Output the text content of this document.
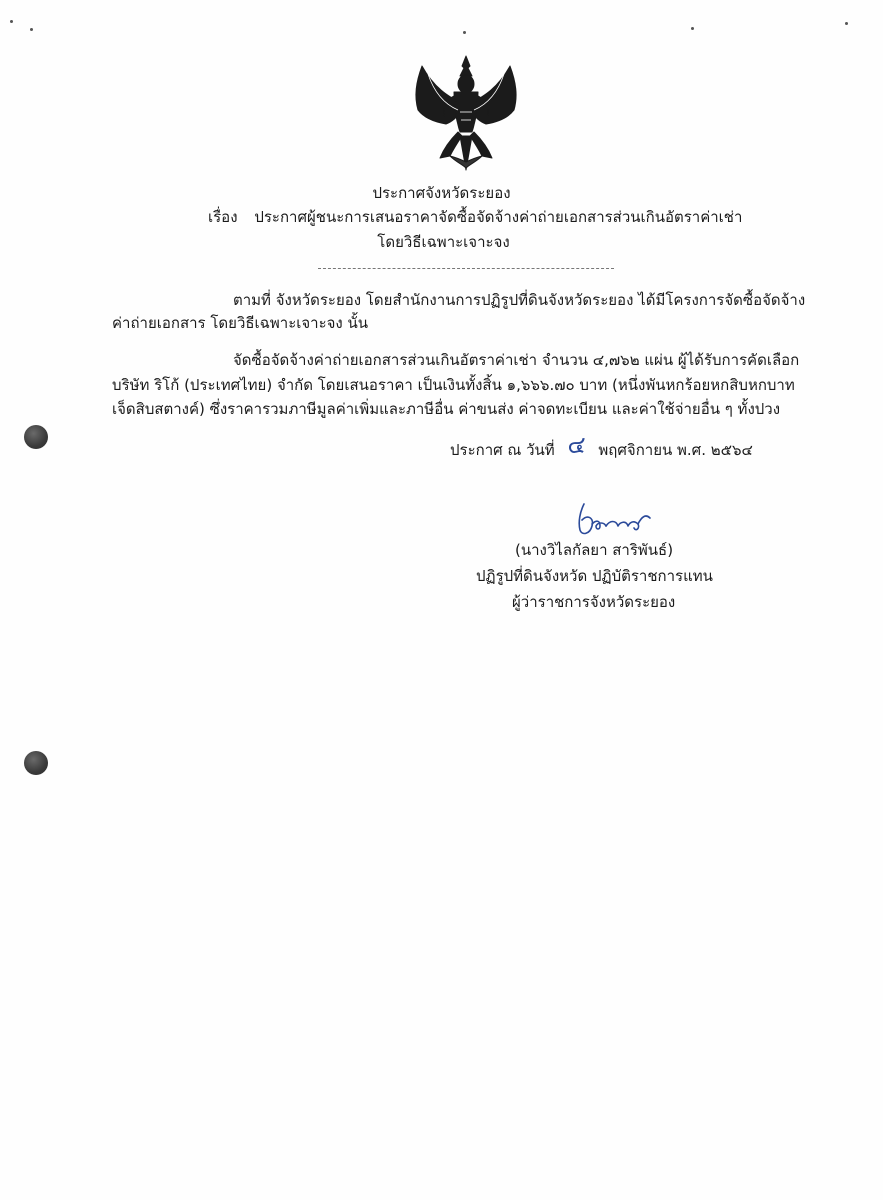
ประกาศจังหวัดระยอง
เรื่อง ประกาศผู้ชนะการเสนอราคาจัดซื้อจัดจ้างค่าถ่ายเอกสารส่วนเกินอัตราค่าเช่า
โดยวิธีเฉพาะเจาะจง
ตามที่ จังหวัดระยอง โดยสำนักงานการปฏิรูปที่ดินจังหวัดระยอง ได้มีโครงการจัดซื้อจัดจ้าง
ค่าถ่ายเอกสาร โดยวิธีเฉพาะเจาะจง นั้น
จัดซื้อจัดจ้างค่าถ่ายเอกสารส่วนเกินอัตราค่าเช่า จำนวน ๔,๗๖๒ แผ่น ผู้ได้รับการคัดเลือก
บริษัท ริโก้ (ประเทศไทย) จำกัด โดยเสนอราคา เป็นเงินทั้งสิ้น ๑,๖๖๖.๗๐ บาท (หนึ่งพันหกร้อยหกสิบหกบาท
เจ็ดสิบสตางค์) ซึ่งราคารวมภาษีมูลค่าเพิ่มและภาษีอื่น ค่าขนส่ง ค่าจดทะเบียน และค่าใช้จ่ายอื่น ๆ ทั้งปวง
ประกาศ ณ วันที่ ๔ พฤศจิกายน พ.ศ. ๒๕๖๔
(นางวิไลกัลยา สาริพันธ์)
ปฏิรูปที่ดินจังหวัด ปฏิบัติราชการแทน
ผู้ว่าราชการจังหวัดระยอง
